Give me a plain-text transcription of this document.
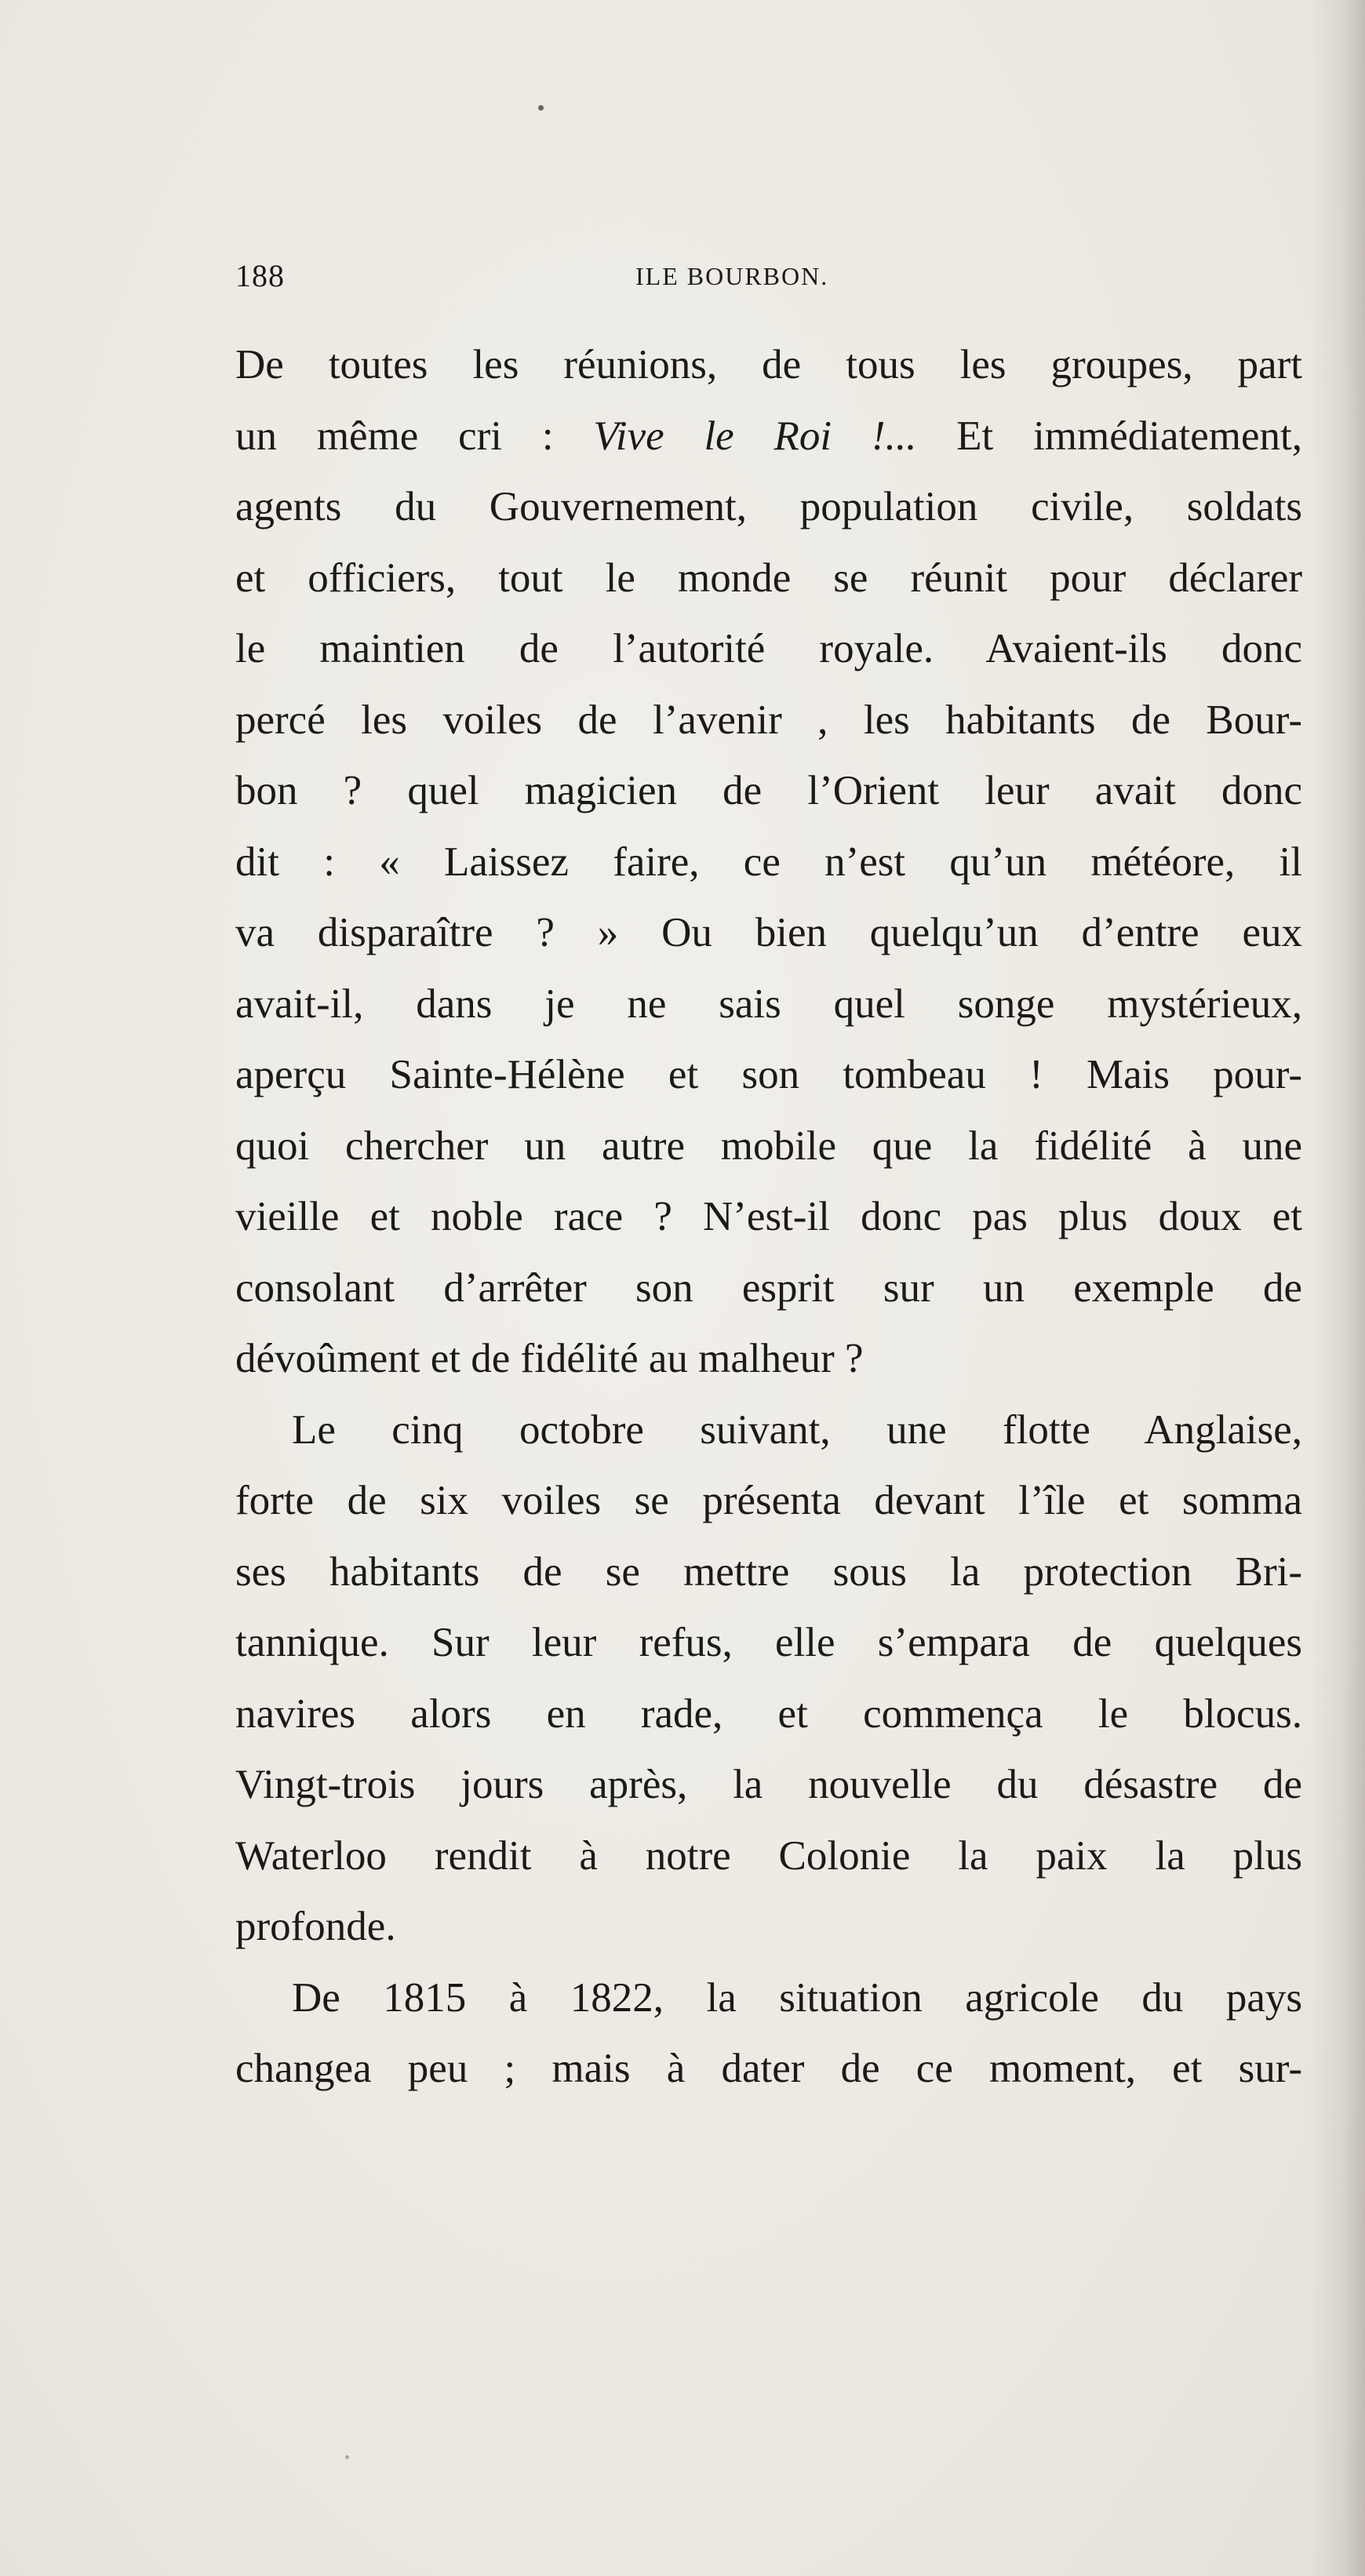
188	ILE BOURBON.
De toutes les réunions, de tous les groupes, part
un même cri : Vive le Roi !... Et immédiatement,
agents du Gouvernement, population civile, soldats
et officiers, tout le monde se réunit pour déclarer
le maintien de l’autorité royale. Avaient-ils donc
percé les voiles de l’avenir , les habitants de Bour-
bon ? quel magicien de l’Orient leur avait donc
dit : « Laissez faire, ce n’est qu’un météore, il
va disparaître ? » Ou bien quelqu’un d’entre eux
avait-il, dans je ne sais quel songe mystérieux,
aperçu Sainte-Hélène et son tombeau ! Mais pour-
quoi chercher un autre mobile que la fidélité à une
vieille et noble race ? N’est-il donc pas plus doux et
consolant d’arrêter son esprit sur un exemple de
dévoûment et de fidélité au malheur ?
Le cinq octobre suivant, une flotte Anglaise,
forte de six voiles se présenta devant l’île et somma
ses habitants de se mettre sous la protection Bri-
tannique. Sur leur refus, elle s’empara de quelques
navires alors en rade, et commença le blocus.
Vingt-trois jours après, la nouvelle du désastre de
Waterloo rendit à notre Colonie la paix la plus
profonde.
De 1815 à 1822, la situation agricole du pays
changea peu ; mais à dater de ce moment, et sur-
